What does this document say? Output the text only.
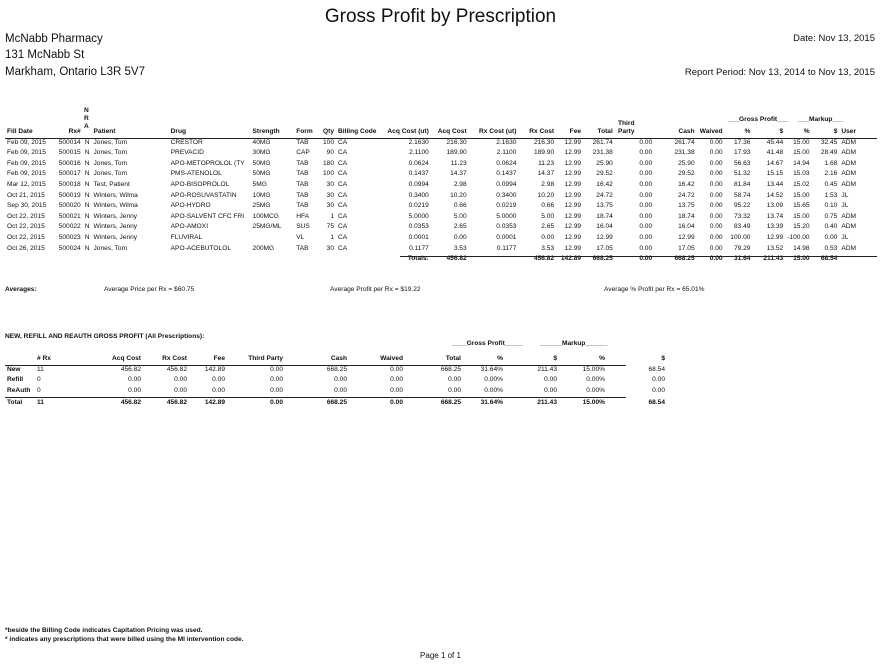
Gross Profit by Prescription
McNabb Pharmacy
131 McNabb St
Markham, Ontario L3R 5V7
Date: Nov 13, 2015
Report Period: Nov 13, 2014 to Nov 13, 2015
N
R
A	Third
Party
___Gross Profit___ ___Markup___
Fill Date	Rx#		Patient	Drug	Strength	Form	Qty	Billing Code	Acq Cost (ut)	Acq Cost	Rx Cost (ut)	Rx Cost	Fee	Total		Cash	Waived	%	$	%	$	User
Feb 09, 2015	500014	N	Jones, Tom	CRESTOR	40MG	TAB	100	CA	2.1630	216.30	2.1630	216.30	12.99	261.74	0.00	261.74	0.00	17.36	45.44	15.00	32.45	ADM
Feb 09, 2015	500015	N	Jones, Tom	PREVACID	30MG	CAP	90	CA	2.1100	189.90	2.1100	189.90	12.99	231.38	0.00	231.38	0.00	17.93	41.48	15.00	28.49	ADM
Feb 09, 2015	500016	N	Jones, Tom	APO-METOPROLOL (TY	50MG	TAB	180	CA	0.0624	11.23	0.0624	11.23	12.99	25.90	0.00	25.90	0.00	56.63	14.67	14.94	1.68	ADM
Feb 09, 2015	500017	N	Jones, Tom	PMS-ATENOLOL	50MG	TAB	100	CA	0.1437	14.37	0.1437	14.37	12.99	29.52	0.00	29.52	0.00	51.32	15.15	15.03	2.16	ADM
Mar 12, 2015	500018	N	Test, Patient	APO-BISOPROLOL	5MG	TAB	30	CA	0.0994	2.98	0.0994	2.98	12.99	16.42	0.00	16.42	0.00	81.84	13.44	15.02	0.45	ADM
Oct 21, 2015	500019	N	Winters, Wilma	APO-ROSUVASTATIN	10MG	TAB	30	CA	0.3400	10.20	0.3400	10.20	12.99	24.72	0.00	24.72	0.00	58.74	14.52	15.00	1.53	JL
Sep 30, 2015	500020	N	Winters, Wilma	APO-HYDRO	25MG	TAB	30	CA	0.0219	0.66	0.0219	0.66	12.99	13.75	0.00	13.75	0.00	95.22	13.09	15.65	0.10	JL
Oct 22, 2015	500021	N	Winters, Jenny	APO-SALVENT CFC FRI	100MCG	HFA	1	CA	5.0000	5.00	5.0000	5.00	12.99	18.74	0.00	18.74	0.00	73.32	13.74	15.00	0.75	ADM
Oct 22, 2015	500022	N	Winters, Jenny	APO-AMOXI	25MG/ML	SUS	75	CA	0.0353	2.65	0.0353	2.65	12.99	16.04	0.00	16.04	0.00	83.49	13.39	15.20	0.40	ADM
Oct 22, 2015	500023	N	Winters, Jenny	FLUVIRAL		VL	1	CA	0.0001	0.00	0.0001	0.00	12.99	12.99	0.00	12.99	0.00	100.00	12.99	-100.00	0.00	JL
Oct 26, 2015	500024	N	Jones, Tom	APO-ACEBUTOLOL	200MG	TAB	30	CA	0.1177	3.53	0.1177	3.53	12.99	17.05	0.00	17.05	0.00	79.29	13.52	14.98	0.53	ADM
									Totals:	456.82		456.82	142.89	668.25	0.00	668.25	0.00	31.64	211.43	15.00	68.54	
Averages:	Average Price per Rx = $60.75	Average Profit per Rx = $19.22	Average % Profit per Rx = 65.01%
NEW, REFILL AND REAUTH GROSS PROFIT (All Prescriptions):
____Gross Profit_____	______Markup______
	# Rx	Acq Cost	Rx Cost	Fee	Third Party	Cash	Waived	Total	%	$	%	$
New	11	456.82	456.82	142.89	0.00	668.25	0.00	668.25	31.64%	211.43	15.00%	68.54
Refill	0	0.00	0.00	0.00	0.00	0.00	0.00	0.00	0.00%	0.00	0.00%	0.00
ReAuth	0	0.00	0.00	0.00	0.00	0.00	0.00	0.00	0.00%	0.00	0.00%	0.00
Total	11	456.82	456.82	142.89	0.00	668.25	0.00	668.25	31.64%	211.43	15.00%	68.54
*beside the Billing Code indicates Capitation Pricing was used.
* indicates any prescriptions that were billed using the MI intervention code.
Page 1 of 1
